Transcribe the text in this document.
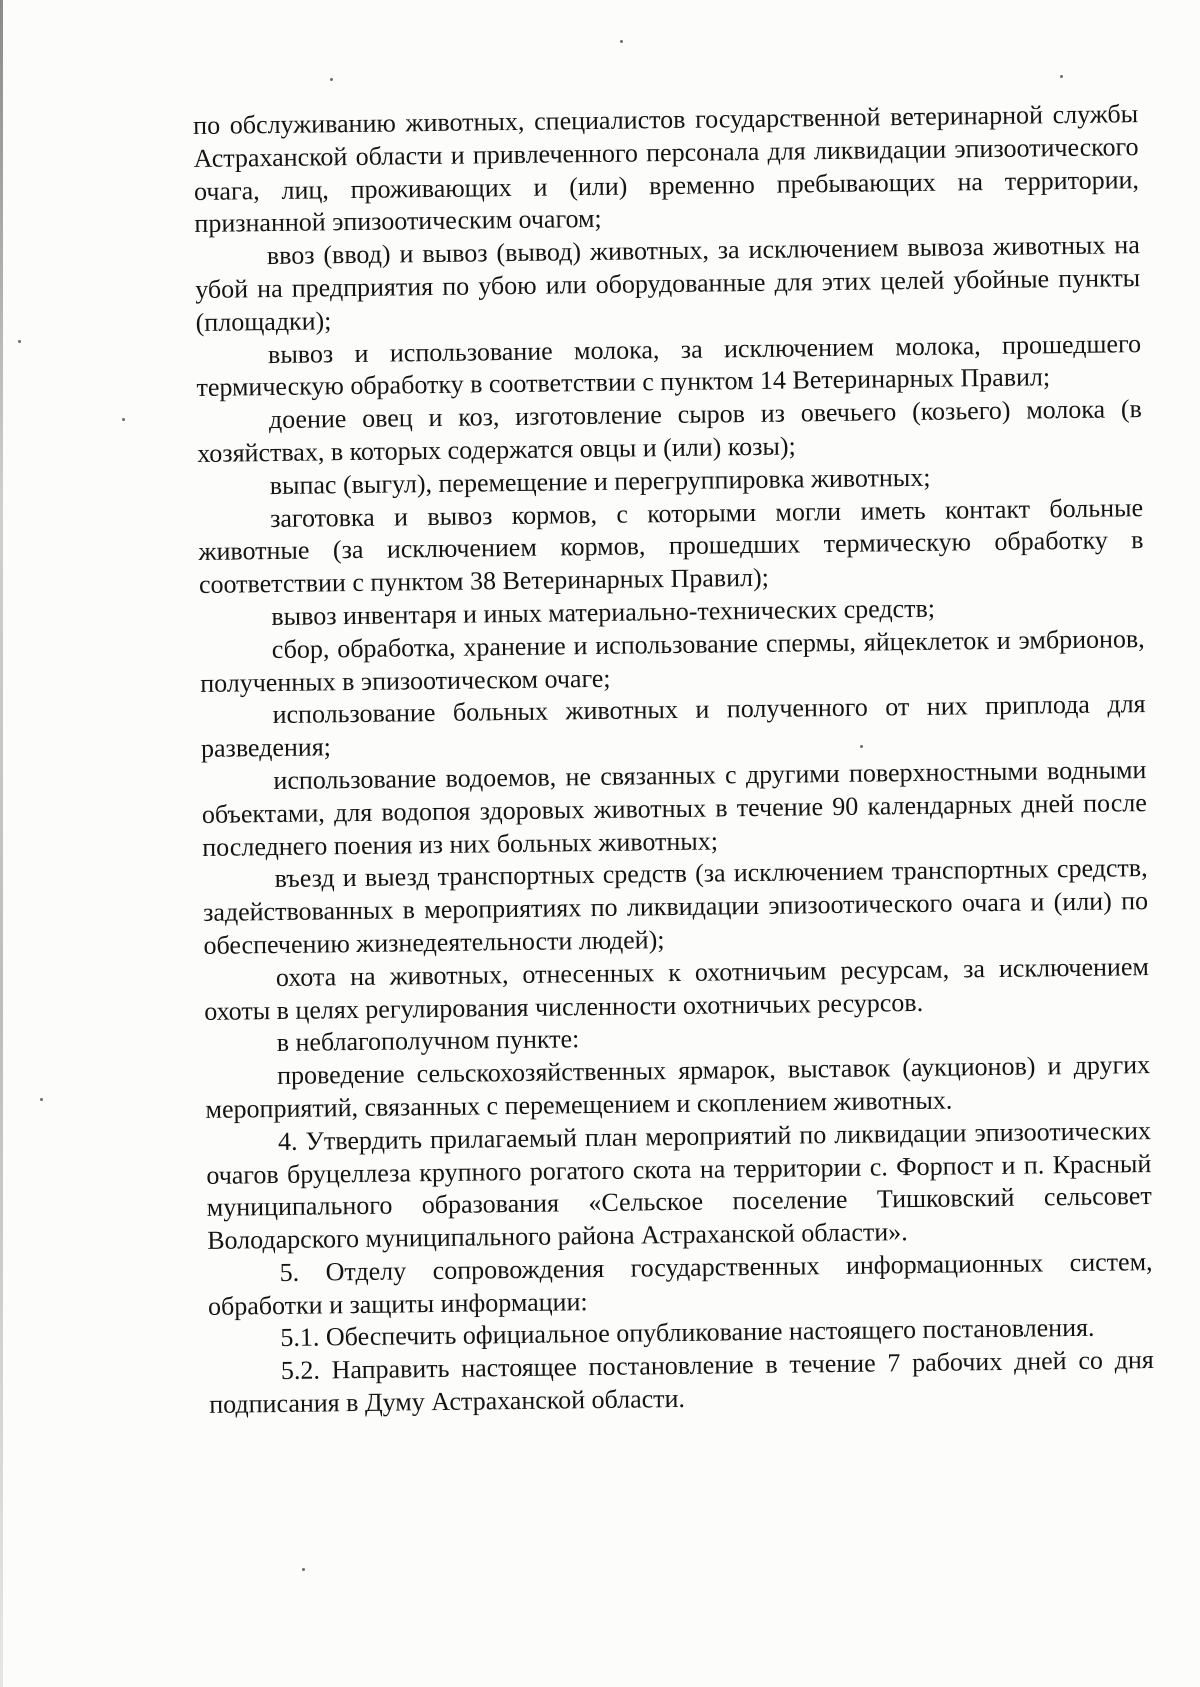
по обслуживанию животных, специалистов государственной ветеринарной службы Астраханской области и привлеченного персонала для ликвидации эпизоотического очага, лиц, проживающих и (или) временно пребывающих на территории, признанной эпизоотическим очагом;

ввоз (ввод) и вывоз (вывод) животных, за исключением вывоза животных на убой на предприятия по убою или оборудованные для этих целей убойные пункты (площадки);

вывоз и использование молока, за исключением молока, прошедшего термическую обработку в соответствии с пунктом 14 Ветеринарных Правил;

доение овец и коз, изготовление сыров из овечьего (козьего) молока (в хозяйствах, в которых содержатся овцы и (или) козы);

выпас (выгул), перемещение и перегруппировка животных;

заготовка и вывоз кормов, с которыми могли иметь контакт больные животные (за исключением кормов, прошедших термическую обработку в соответствии с пунктом 38 Ветеринарных Правил);

вывоз инвентаря и иных материально-технических средств;

сбор, обработка, хранение и использование спермы, яйцеклеток и эмбрионов, полученных в эпизоотическом очаге;

использование больных животных и полученного от них приплода для разведения;

использование водоемов, не связанных с другими поверхностными водными объектами, для водопоя здоровых животных в течение 90 календарных дней после последнего поения из них больных животных;

въезд и выезд транспортных средств (за исключением транспортных средств, задействованных в мероприятиях по ликвидации эпизоотического очага и (или) по обеспечению жизнедеятельности людей);

охота на животных, отнесенных к охотничьим ресурсам, за исключением охоты в целях регулирования численности охотничьих ресурсов.

в неблагополучном пункте:

проведение сельскохозяйственных ярмарок, выставок (аукционов) и других мероприятий, связанных с перемещением и скоплением животных.

4. Утвердить прилагаемый план мероприятий по ликвидации эпизоотических очагов бруцеллеза крупного рогатого скота на территории с. Форпост и п. Красный муниципального образования «Сельское поселение Тишковский сельсовет Володарского муниципального района Астраханской области».

5. Отделу сопровождения государственных информационных систем, обработки и защиты информации:

5.1. Обеспечить официальное опубликование настоящего постановления.

5.2. Направить настоящее постановление в течение 7 рабочих дней со дня подписания в Думу Астраханской области.
